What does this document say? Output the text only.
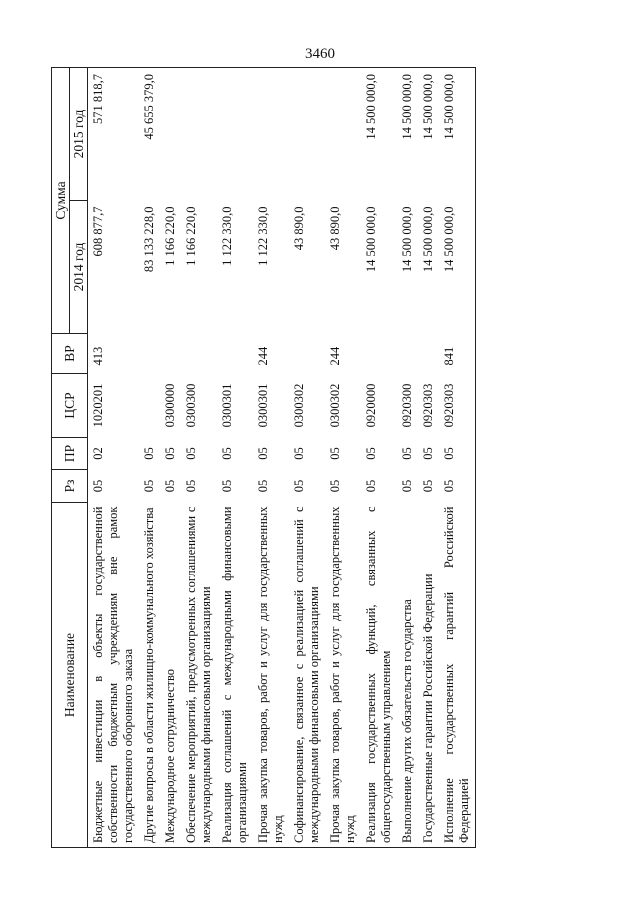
3460
Наименование	Рз	ПР	ЦСР	ВР	Сумма	
					2014 год	2015 год
Бюджетные инвестиции в объекты государственной собственности бюджетным учреждениям вне рамок государственного оборонного заказа	05	02	1020201	413	608 877,7	571 818,7
Другие вопросы в области жилищно-коммунального хозяйства	05	05			83 133 228,0	45 655 379,0
Международное сотрудничество	05	05	0300000		1 166 220,0	
Обеспечение мероприятий, предусмотренных соглашениями с международными финансовыми организациями	05	05	0300300		1 166 220,0	
Реализация соглашений с международными финансовыми организациями	05	05	0300301		1 122 330,0	
Прочая закупка товаров, работ и услуг для государственных нужд	05	05	0300301	244	1 122 330,0	
Софинансирование, связанное с реализацией соглашений с международными финансовыми организациями	05	05	0300302		43 890,0	
Прочая закупка товаров, работ и услуг для государственных нужд	05	05	0300302	244	43 890,0	
Реализация государственных функций, связанных с общегосударственным управлением	05	05	0920000		14 500 000,0	14 500 000,0
Выполнение других обязательств государства	05	05	0920300		14 500 000,0	14 500 000,0
Государственные гарантии Российской Федерации	05	05	0920303		14 500 000,0	14 500 000,0
Исполнение государственных гарантий Российской Федерацией	05	05	0920303	841	14 500 000,0	14 500 000,0
